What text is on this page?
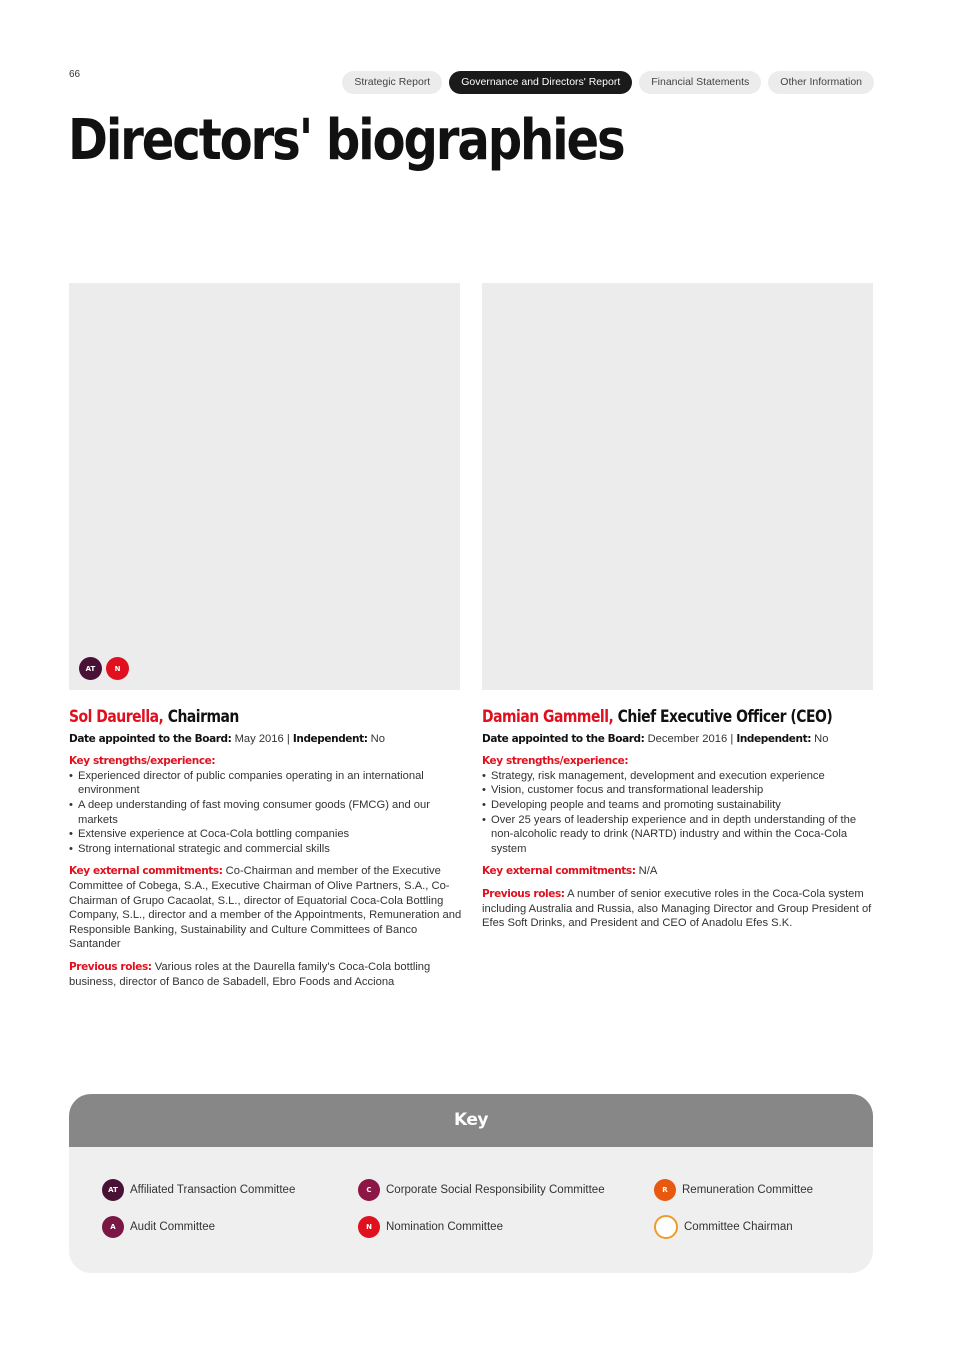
66
Strategic Report	Governance and Directors' Report	Financial Statements	Other Information
Directors' biographies
AT	N
Sol Daurella, Chairman
Date appointed to the Board: May 2016 | Independent: No
Key strengths/experience:
• Experienced director of public companies operating in an international environment
• A deep understanding of fast moving consumer goods (FMCG) and our markets
• Extensive experience at Coca-Cola bottling companies
• Strong international strategic and commercial skills
Key external commitments: Co-Chairman and member of the Executive Committee of Cobega, S.A., Executive Chairman of Olive Partners, S.A., Co-Chairman of Grupo Cacaolat, S.L., director of Equatorial Coca-Cola Bottling Company, S.L., director and a member of the Appointments, Remuneration and Responsible Banking, Sustainability and Culture Committees of Banco Santander
Previous roles: Various roles at the Daurella family's Coca-Cola bottling business, director of Banco de Sabadell, Ebro Foods and Acciona
Damian Gammell, Chief Executive Officer (CEO)
Date appointed to the Board: December 2016 | Independent: No
Key strengths/experience:
• Strategy, risk management, development and execution experience
• Vision, customer focus and transformational leadership
• Developing people and teams and promoting sustainability
• Over 25 years of leadership experience and in depth understanding of the non-alcoholic ready to drink (NARTD) industry and within the Coca-Cola system
Key external commitments: N/A
Previous roles: A number of senior executive roles in the Coca-Cola system including Australia and Russia, also Managing Director and Group President of Efes Soft Drinks, and President and CEO of Anadolu Efes S.K.
Key
AT	Affiliated Transaction Committee	C	Corporate Social Responsibility Committee	R	Remuneration Committee
A	Audit Committee	N	Nomination Committee	Committee Chairman
